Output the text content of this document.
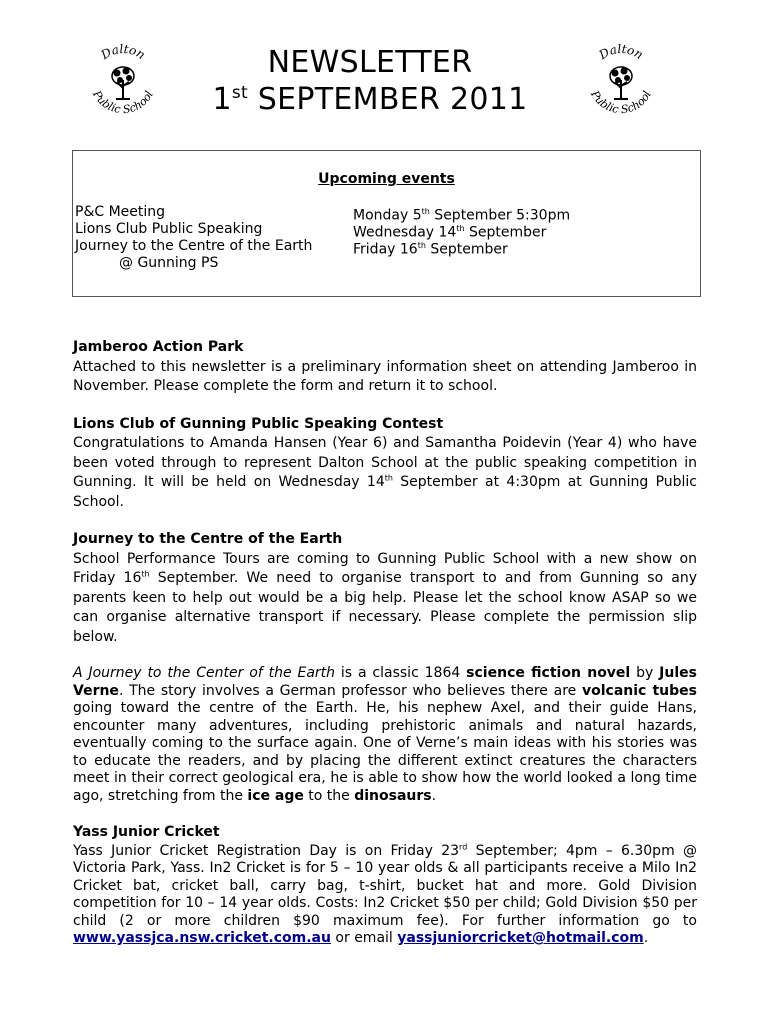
Dalton
Public School
NEWSLETTER
1st SEPTEMBER 2011
Dalton
Public School
Upcoming events
P&C Meeting	Monday 5th September 5:30pm
Lions Club Public Speaking	Wednesday 14th September
Journey to the Centre of the Earth	Friday 16th September
@ Gunning PS
Jamberoo Action Park

Attached to this newsletter is a preliminary information sheet on attending Jamberoo in November. Please complete the form and return it to school.

Lions Club of Gunning Public Speaking Contest

Congratulations to Amanda Hansen (Year 6) and Samantha Poidevin (Year 4) who have been voted through to represent Dalton School at the public speaking competition in Gunning. It will be held on Wednesday 14th September at 4:30pm at Gunning Public School.

Journey to the Centre of the Earth

School Performance Tours are coming to Gunning Public School with a new show on Friday 16th September. We need to organise transport to and from Gunning so any parents keen to help out would be a big help. Please let the school know ASAP so we can organise alternative transport if necessary. Please complete the permission slip below.

A Journey to the Center of the Earth is a classic 1864 science fiction novel by Jules Verne. The story involves a German professor who believes there are volcanic tubes going toward the centre of the Earth. He, his nephew Axel, and their guide Hans, encounter many adventures, including prehistoric animals and natural hazards, eventually coming to the surface again. One of Verne’s main ideas with his stories was to educate the readers, and by placing the different extinct creatures the characters meet in their correct geological era, he is able to show how the world looked a long time ago, stretching from the ice age to the dinosaurs.

Yass Junior Cricket

Yass Junior Cricket Registration Day is on Friday 23rd September; 4pm – 6.30pm @ Victoria Park, Yass. In2 Cricket is for 5 – 10 year olds & all participants receive a Milo In2 Cricket bat, cricket ball, carry bag, t-shirt, bucket hat and more. Gold Division competition for 10 – 14 year olds. Costs: In2 Cricket $50 per child; Gold Division $50 per child (2 or more children $90 maximum fee). For further information go to www.yassjca.nsw.cricket.com.au or email yassjuniorcricket@hotmail.com.
